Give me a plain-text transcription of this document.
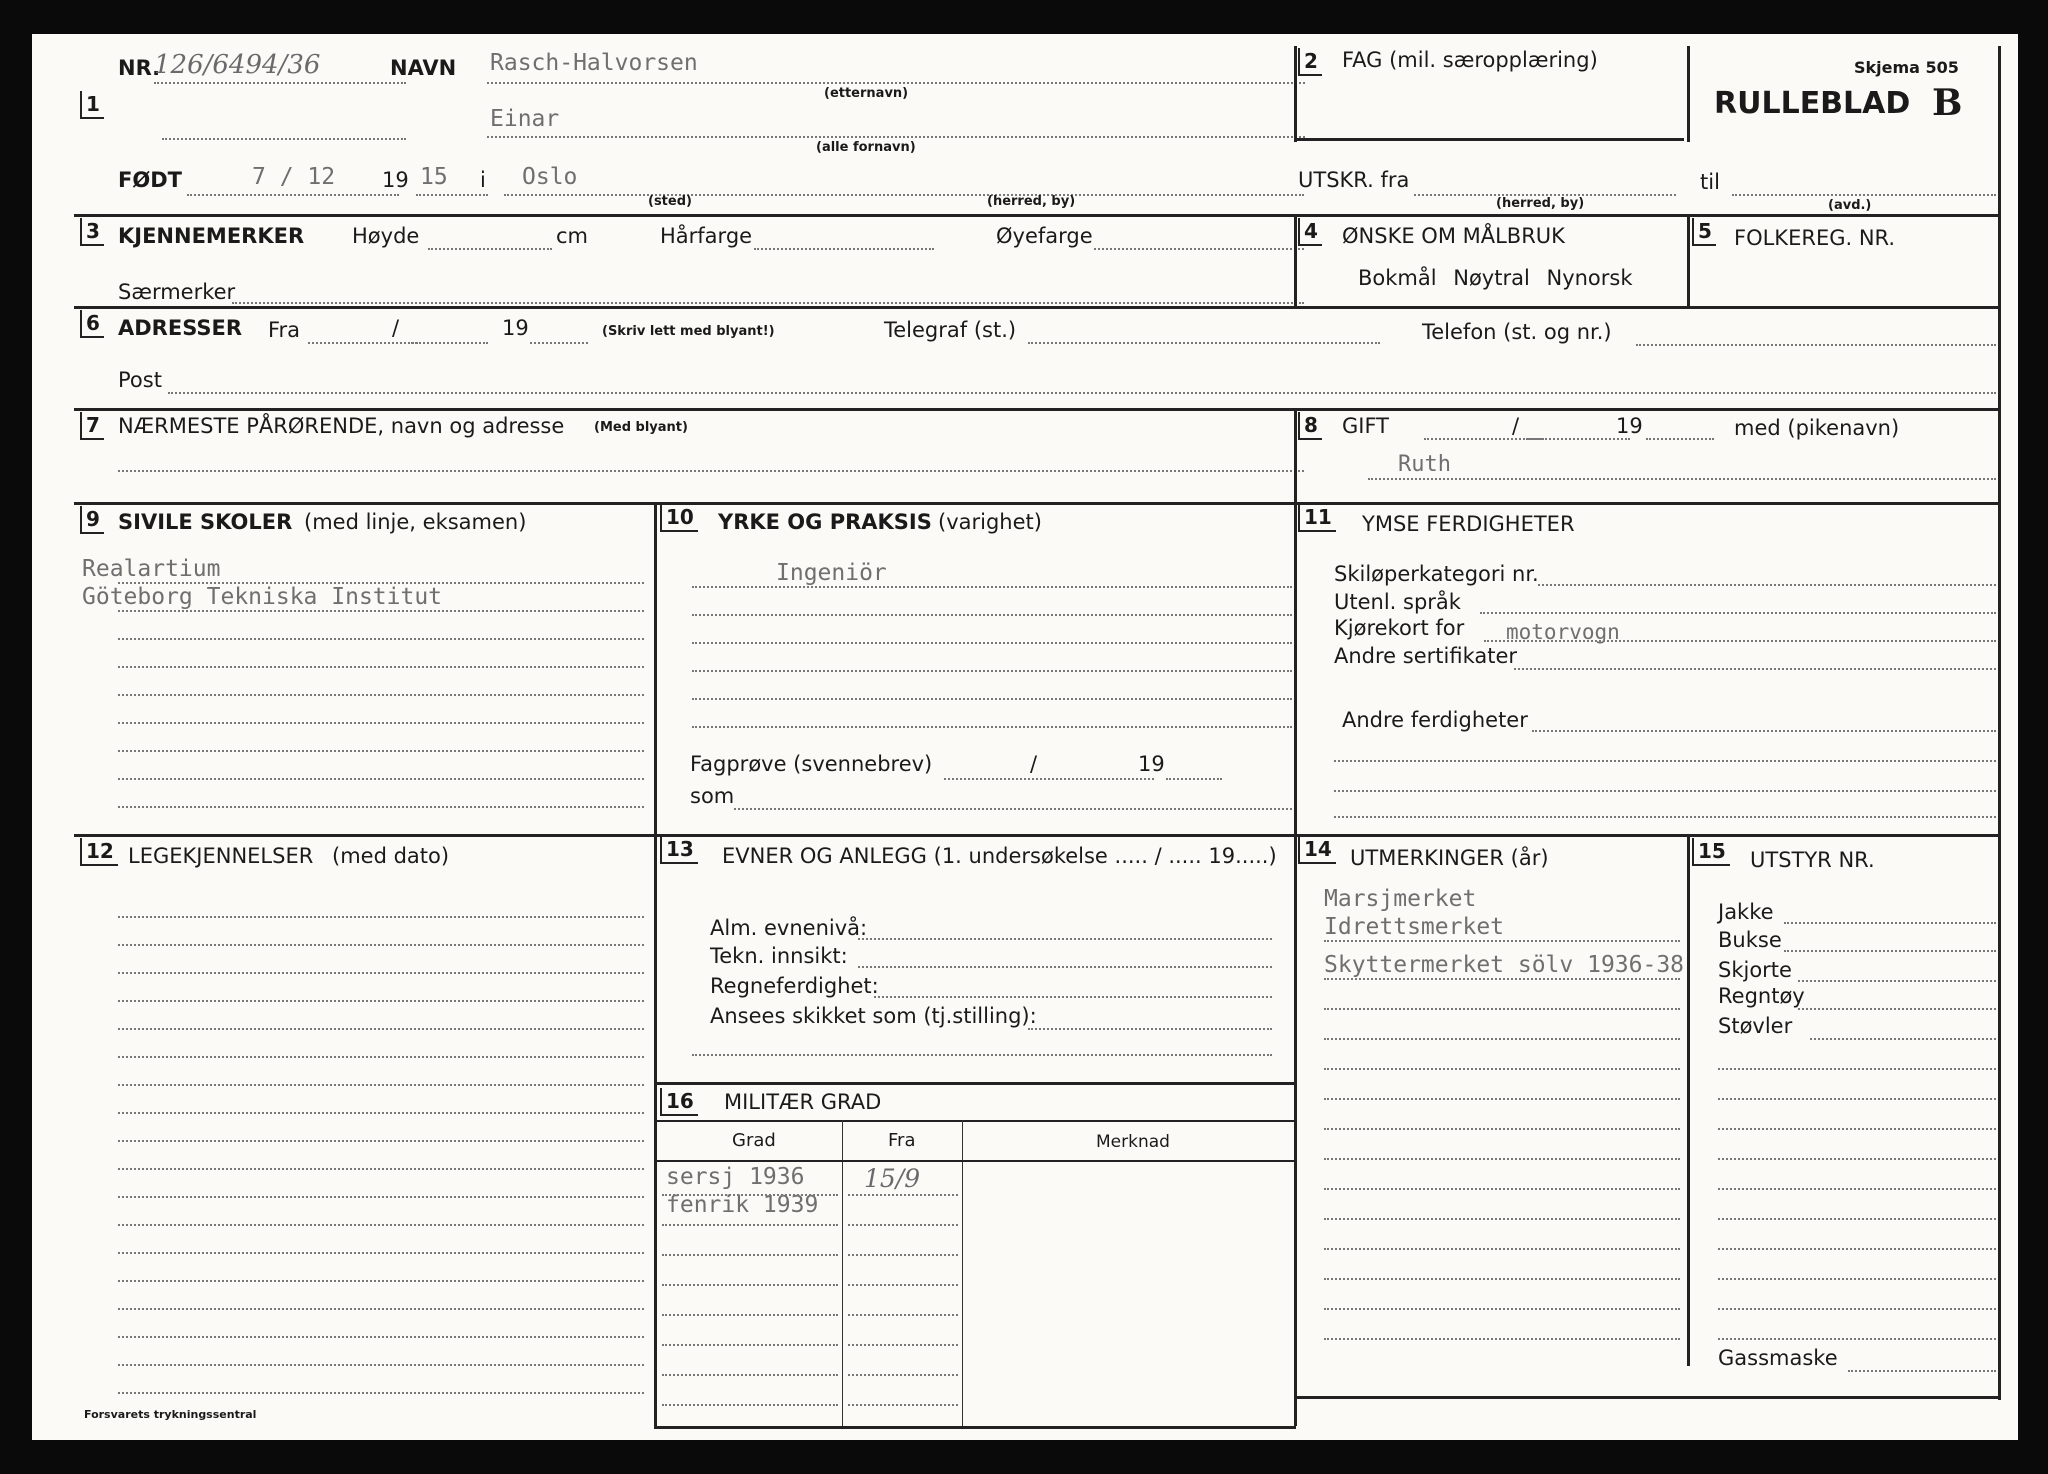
1
NR.
126/6494/36	NAVN Rasch-Halvorsen
(etternavn)
Einar
(alle fornavn)
2 FAG (mil. særopplæring)	Skjema 505
RULLEBLAD B
FØDT	7 / 12 19 15 i Oslo
(sted)	(herred, by)
UTSKR. fra
(herred, by)
til
(avd.)
3 KJENNEMERKER Høyde	cm	Hårfarge	Øyefarge
Særmerker
4 ØNSKE OM MÅLBRUK
Bokmål Nøytral Nynorsk
5 FOLKEREG. NR.
6 ADRESSER Fra	/	19	(Skriv lett med blyant!)	Telegraf (st.)	Telefon (st. og nr.)
Post
7 NÆRMESTE PÅRØRENDE, navn og adresse (Med blyant)	8 GIFT	/	19	med (pikenavn)
Ruth
9 SIVILE SKOLER (med linje, eksamen)
Realartium
Göteborg Tekniska Institut
10 YRKE OG PRAKSIS (varighet)
Ingeniör
Fagprøve (svennebrev)	/	19
som
11 YMSE FERDIGHETER
Skiløperkategori nr.
Utenl. språk
Kjørekort for motorvogn
Andre sertifikater
Andre ferdigheter
12 LEGEKJENNELSER (med dato)	13 EVNER OG ANLEGG (1. undersøkelse ..... / ..... 19.....)
Alm. evnenivå:
Tekn. innsikt:
Regneferdighet:
Ansees skikket som (tj.stilling):
16 MILITÆR GRAD
Grad	Fra	Merknad
sersj 1936 15/9
fenrik 1939
14 UTMERKINGER (år)
Marsjmerket
Idrettsmerket
Skyttermerket sölv 1936-38
15 UTSTYR NR.
Jakke
Bukse
Skjorte
Regntøy
Støvler
Gassmaske
Forsvarets trykningssentral
